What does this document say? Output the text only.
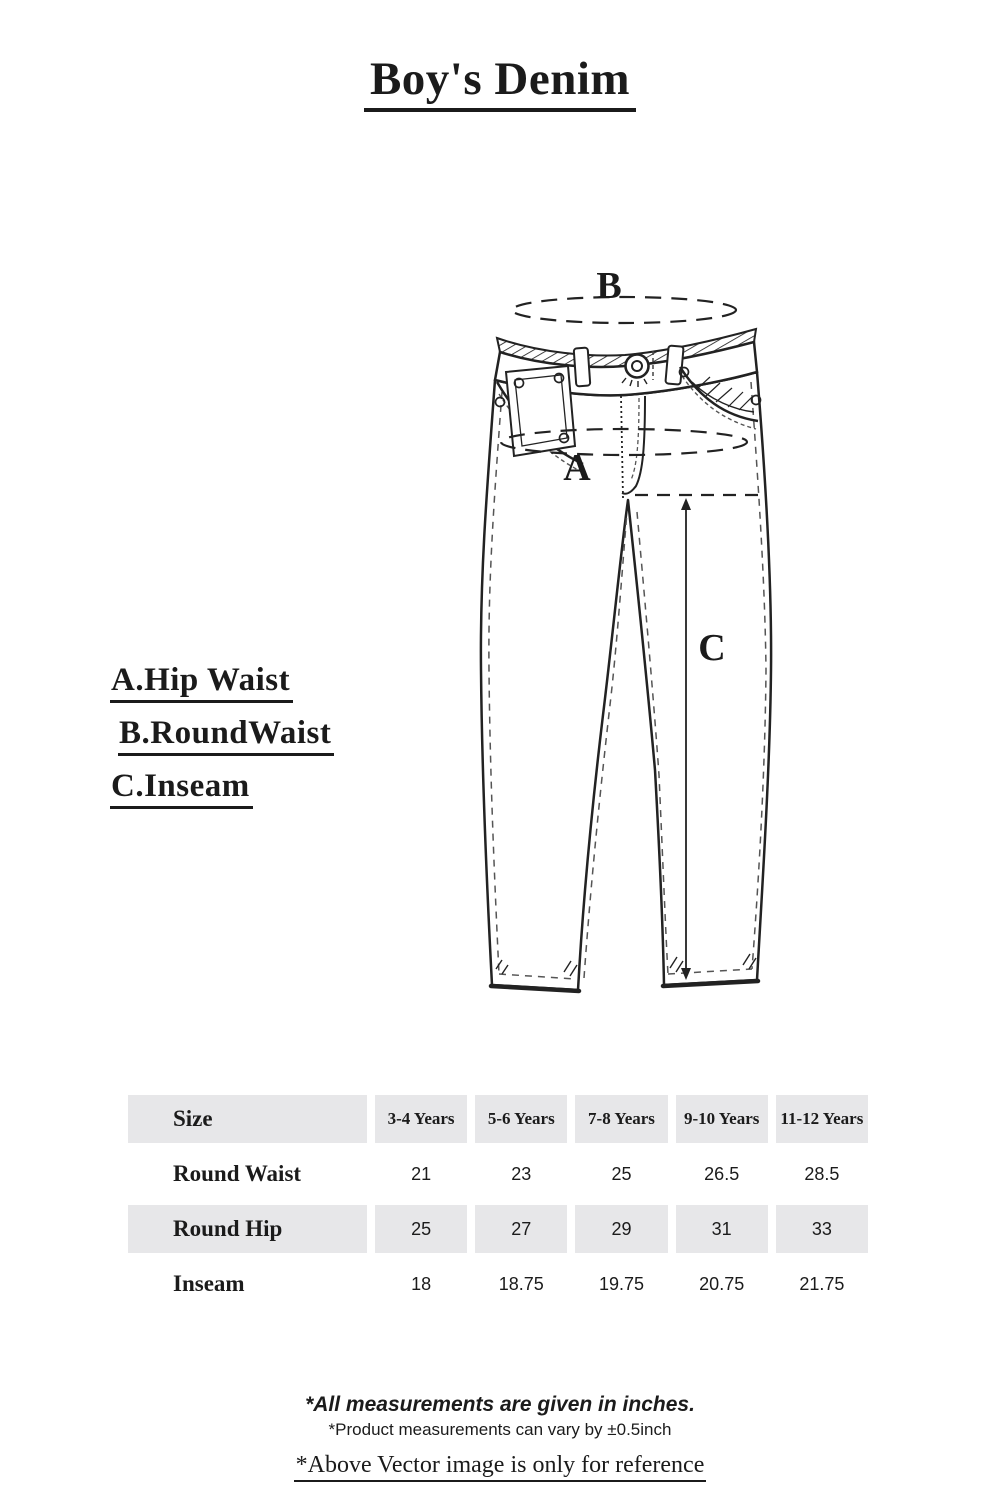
Boy's Denim
A.Hip Waist
B.RoundWaist
C.Inseam
B
A
C
Size	3-4 Years	5-6 Years	7-8 Years	9-10 Years	11-12 Years
Round Waist	21	23	25	26.5	28.5
Round Hip	25	27	29	31	33
Inseam	18	18.75	19.75	20.75	21.75
*All measurements are given in inches.
*Product measurements can vary by ±0.5inch
*Above Vector image is only for reference
